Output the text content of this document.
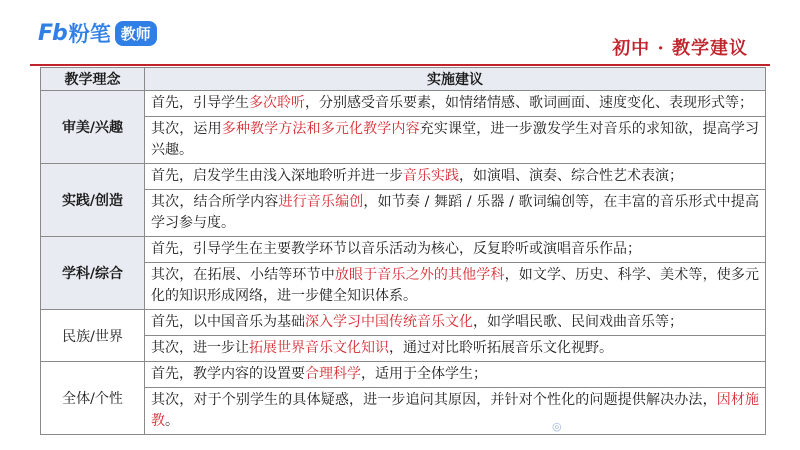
Fb 粉笔 教师
初中 · 教学建议
教学理念	实施建议
审美/兴趣	首先，引导学生多次聆听，分别感受音乐要素，如情绪情感、歌词画面、速度变化、表现形式等；
	其次，运用多种教学方法和多元化教学内容充实课堂，进一步激发学生对音乐的求知欲，提高学习兴趣。
实践/创造	首先，启发学生由浅入深地聆听并进一步音乐实践，如演唱、演奏、综合性艺术表演；
	其次，结合所学内容进行音乐编创，如节奏 / 舞蹈 / 乐器 / 歌词编创等，在丰富的音乐形式中提高学习参与度。
学科/综合	首先，引导学生在主要教学环节以音乐活动为核心，反复聆听或演唱音乐作品；
	其次，在拓展、小结等环节中放眼于音乐之外的其他学科，如文学、历史、科学、美术等，使多元化的知识形成网络，进一步健全知识体系。
民族/世界	首先，以中国音乐为基础深入学习中国传统音乐文化，如学唱民歌、民间戏曲音乐等；
	其次，进一步让拓展世界音乐文化知识，通过对比聆听拓展音乐文化视野。
全体/个性	首先，教学内容的设置要合理科学，适用于全体学生；
	其次，对于个别学生的具体疑惑，进一步追问其原因，并针对个性化的问题提供解决办法，因材施教。	◎
